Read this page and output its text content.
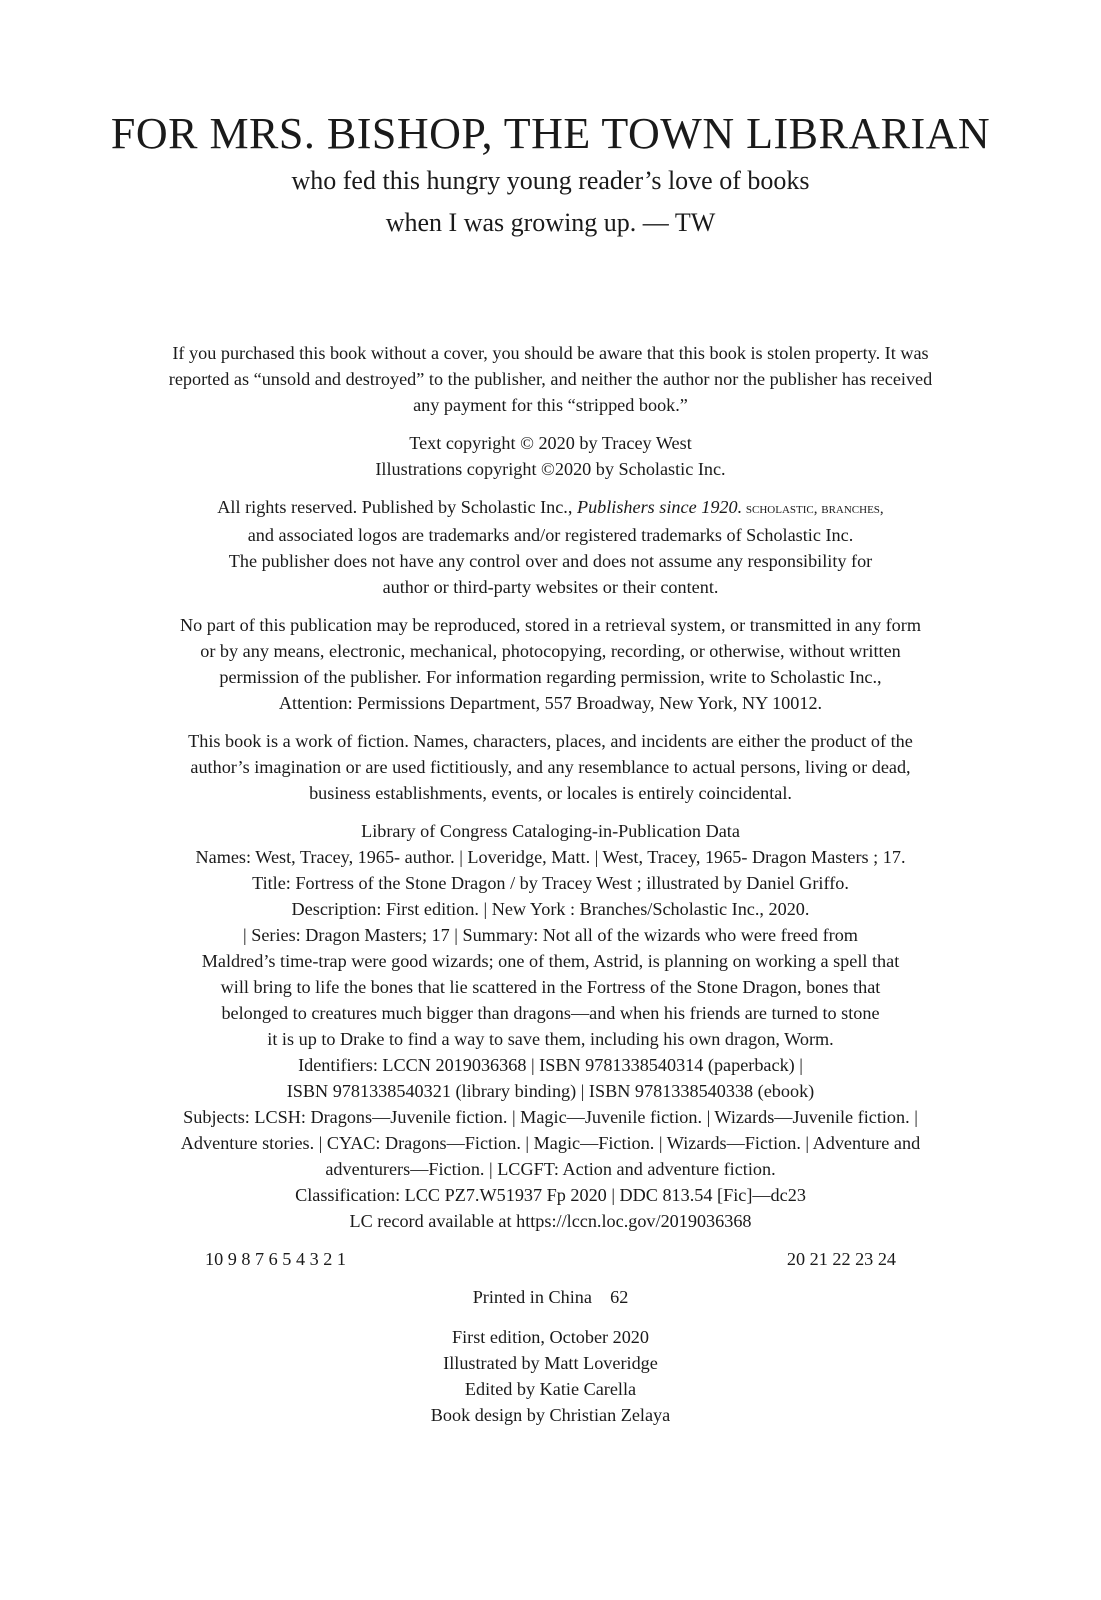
FOR MRS. BISHOP, THE TOWN LIBRARIAN

who fed this hungry young reader’s love of books

when I was growing up. — TW

If you purchased this book without a cover, you should be aware that this book is stolen property. It was

reported as “unsold and destroyed” to the publisher, and neither the author nor the publisher has received

any payment for this “stripped book.”

Text copyright © 2020 by Tracey West

Illustrations copyright ©2020 by Scholastic Inc.

All rights reserved. Published by Scholastic Inc., Publishers since 1920. scholastic, branches,

and associated logos are trademarks and/or registered trademarks of Scholastic Inc.

The publisher does not have any control over and does not assume any responsibility for

author or third-party websites or their content.

No part of this publication may be reproduced, stored in a retrieval system, or transmitted in any form

or by any means, electronic, mechanical, photocopying, recording, or otherwise, without written

permission of the publisher. For information regarding permission, write to Scholastic Inc.,

Attention: Permissions Department, 557 Broadway, New York, NY 10012.

This book is a work of fiction. Names, characters, places, and incidents are either the product of the

author’s imagination or are used fictitiously, and any resemblance to actual persons, living or dead,

business establishments, events, or locales is entirely coincidental.

Library of Congress Cataloging-in-Publication Data

Names: West, Tracey, 1965- author. | Loveridge, Matt. | West, Tracey, 1965- Dragon Masters ; 17.

Title: Fortress of the Stone Dragon / by Tracey West ; illustrated by Daniel Griffo.

Description: First edition. | New York : Branches/Scholastic Inc., 2020.

| Series: Dragon Masters; 17 | Summary: Not all of the wizards who were freed from

Maldred’s time-trap were good wizards; one of them, Astrid, is planning on working a spell that

will bring to life the bones that lie scattered in the Fortress of the Stone Dragon, bones that

belonged to creatures much bigger than dragons—and when his friends are turned to stone

it is up to Drake to find a way to save them, including his own dragon, Worm.

Identifiers: LCCN 2019036368 | ISBN 9781338540314 (paperback) |

ISBN 9781338540321 (library binding) | ISBN 9781338540338 (ebook)

Subjects: LCSH: Dragons—Juvenile fiction. | Magic—Juvenile fiction. | Wizards—Juvenile fiction. |

Adventure stories. | CYAC: Dragons—Fiction. | Magic—Fiction. | Wizards—Fiction. | Adventure and

adventurers—Fiction. | LCGFT: Action and adventure fiction.

Classification: LCC PZ7.W51937 Fp 2020 | DDC 813.54 [Fic]—dc23

LC record available at https://lccn.loc.gov/2019036368

10 9 8 7 6 5 4 3 2 1	20 21 22 23 24

Printed in China    62

First edition, October 2020

Illustrated by Matt Loveridge

Edited by Katie Carella

Book design by Christian Zelaya
